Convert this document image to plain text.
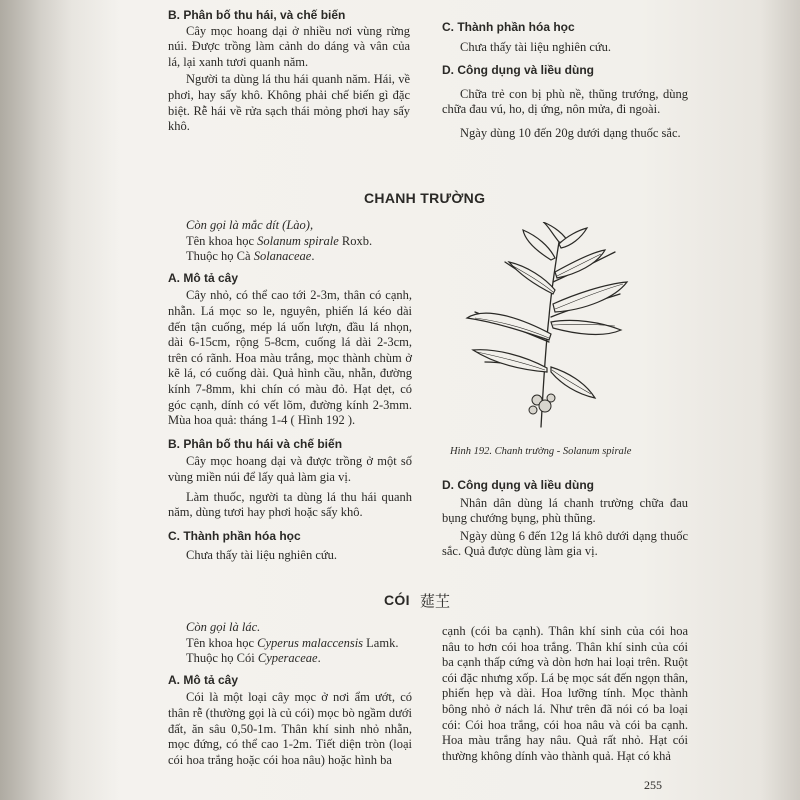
B. Phân bố thu hái, và chế biến

Cây mọc hoang dại ở nhiều nơi vùng rừng núi. Được trồng làm cảnh do dáng và vân của lá, lại xanh tươi quanh năm.

Người ta dùng lá thu hái quanh năm. Hái, về phơi, hay sấy khô. Không phải chế biến gì đặc biệt. Rễ hái về rửa sạch thái mỏng phơi hay sấy khô.

C. Thành phần hóa học

Chưa thấy tài liệu nghiên cứu.

D. Công dụng và liều dùng

Chữa trẻ con bị phù nề, thũng trướng, dùng chữa đau vú, ho, dị ứng, nôn mửa, đi ngoài.

Ngày dùng 10 đến 20g dưới dạng thuốc sắc.

CHANH TRƯỜNG

Còn gọi là mắc dít (Lào),

Tên khoa học Solanum spirale Roxb.

Thuộc họ Cà Solanaceae.

A. Mô tả cây

Cây nhỏ, có thể cao tới 2-3m, thân có cạnh, nhẵn. Lá mọc so le, nguyên, phiến lá kéo dài đến tận cuống, mép lá uốn lượn, đầu lá nhọn, dài 6-15cm, rộng 5-8cm, cuống lá dài 2-3cm, trên có rãnh. Hoa màu trắng, mọc thành chùm ở kẽ lá, có cuống dài. Quả hình cầu, nhẵn, đường kính 7-8mm, khi chín có màu đỏ. Hạt dẹt, có góc cạnh, dính có vết lõm, đường kính 2-3mm. Mùa hoa quả: tháng 1-4 ( Hình 192 ).

B. Phân bố thu hái và chế biến

Cây mọc hoang dại và được trồng ở một số vùng miền núi để lấy quả làm gia vị.

Làm thuốc, người ta dùng lá thu hái quanh năm, dùng tươi hay phơi hoặc sấy khô.

C. Thành phần hóa học

Chưa thấy tài liệu nghiên cứu.

Hình 192. Chanh trường - Solanum spirale

D. Công dụng và liều dùng

Nhân dân dùng lá chanh trường chữa đau bụng chướng bụng, phù thũng.

Ngày dùng 6 đến 12g lá khô dưới dạng thuốc sắc. Quả được dùng làm gia vị.

CÓI 莚芏

Còn gọi là lác.

Tên khoa học Cyperus malaccensis Lamk.

Thuộc họ Cói Cyperaceae.

A. Mô tả cây

Cói là một loại cây mọc ở nơi ẩm ướt, có thân rễ (thường gọi là củ cói) mọc bò ngầm dưới đất, ăn sâu 0,50-1m. Thân khí sinh nhỏ nhẵn, mọc đứng, có thể cao 1-2m. Tiết diện tròn (loại cói hoa trắng hoặc cói hoa nâu) hoặc hình ba

cạnh (cói ba cạnh). Thân khí sinh của cói hoa nâu to hơn cói hoa trắng. Thân khí sinh của cói ba cạnh thấp cứng và dòn hơn hai loại trên. Ruột cói đặc nhưng xốp. Lá bẹ mọc sát đến ngọn thân, phiến hẹp và dài. Hoa lưỡng tính. Mọc thành bông nhỏ ở nách lá. Như trên đã nói có ba loại cói: Cói hoa trắng, cói hoa nâu và cói ba cạnh. Hoa màu trắng hay nâu. Quả rất nhỏ. Hạt cói thường không dính vào thành quả. Hạt có khả

255
